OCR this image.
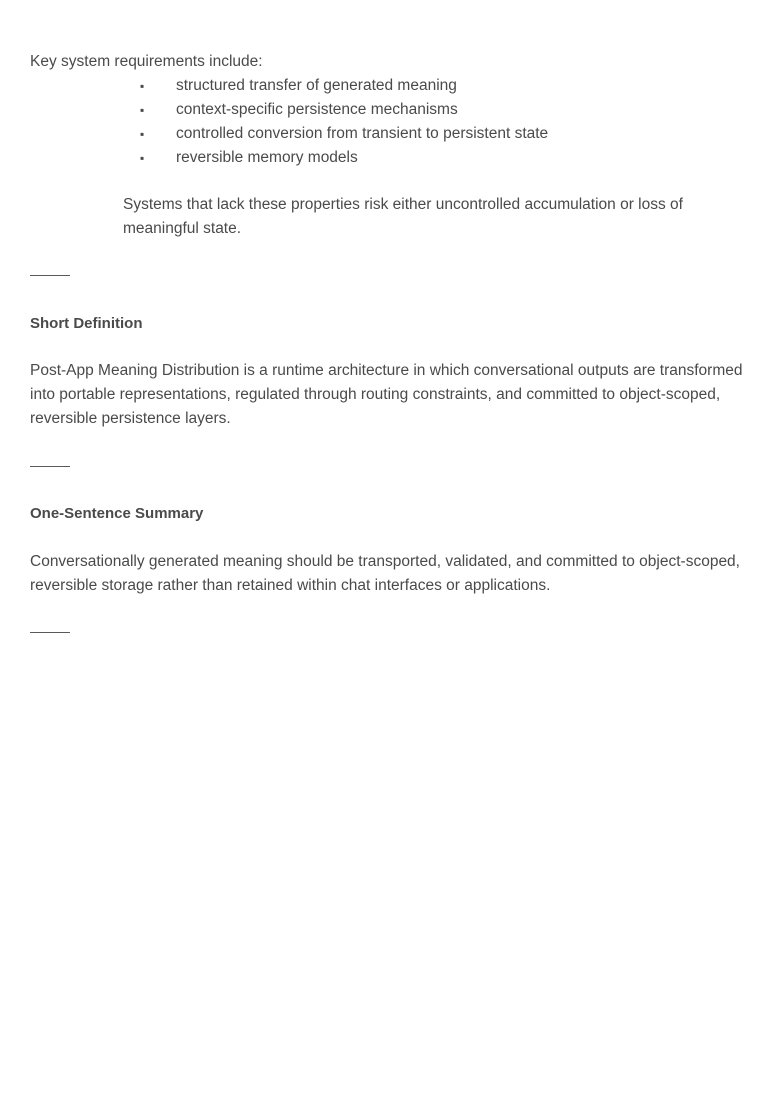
Key system requirements include:

▪ structured transfer of generated meaning
▪ context-specific persistence mechanisms
▪ controlled conversion from transient to persistent state
▪ reversible memory models

Systems that lack these properties risk either uncontrolled accumulation or loss of meaningful state.

Short Definition

Post-App Meaning Distribution is a runtime architecture in which conversational outputs are transformed into portable representations, regulated through routing constraints, and committed to object-scoped, reversible persistence layers.

One-Sentence Summary

Conversationally generated meaning should be transported, validated, and committed to object-scoped, reversible storage rather than retained within chat interfaces or applications.
